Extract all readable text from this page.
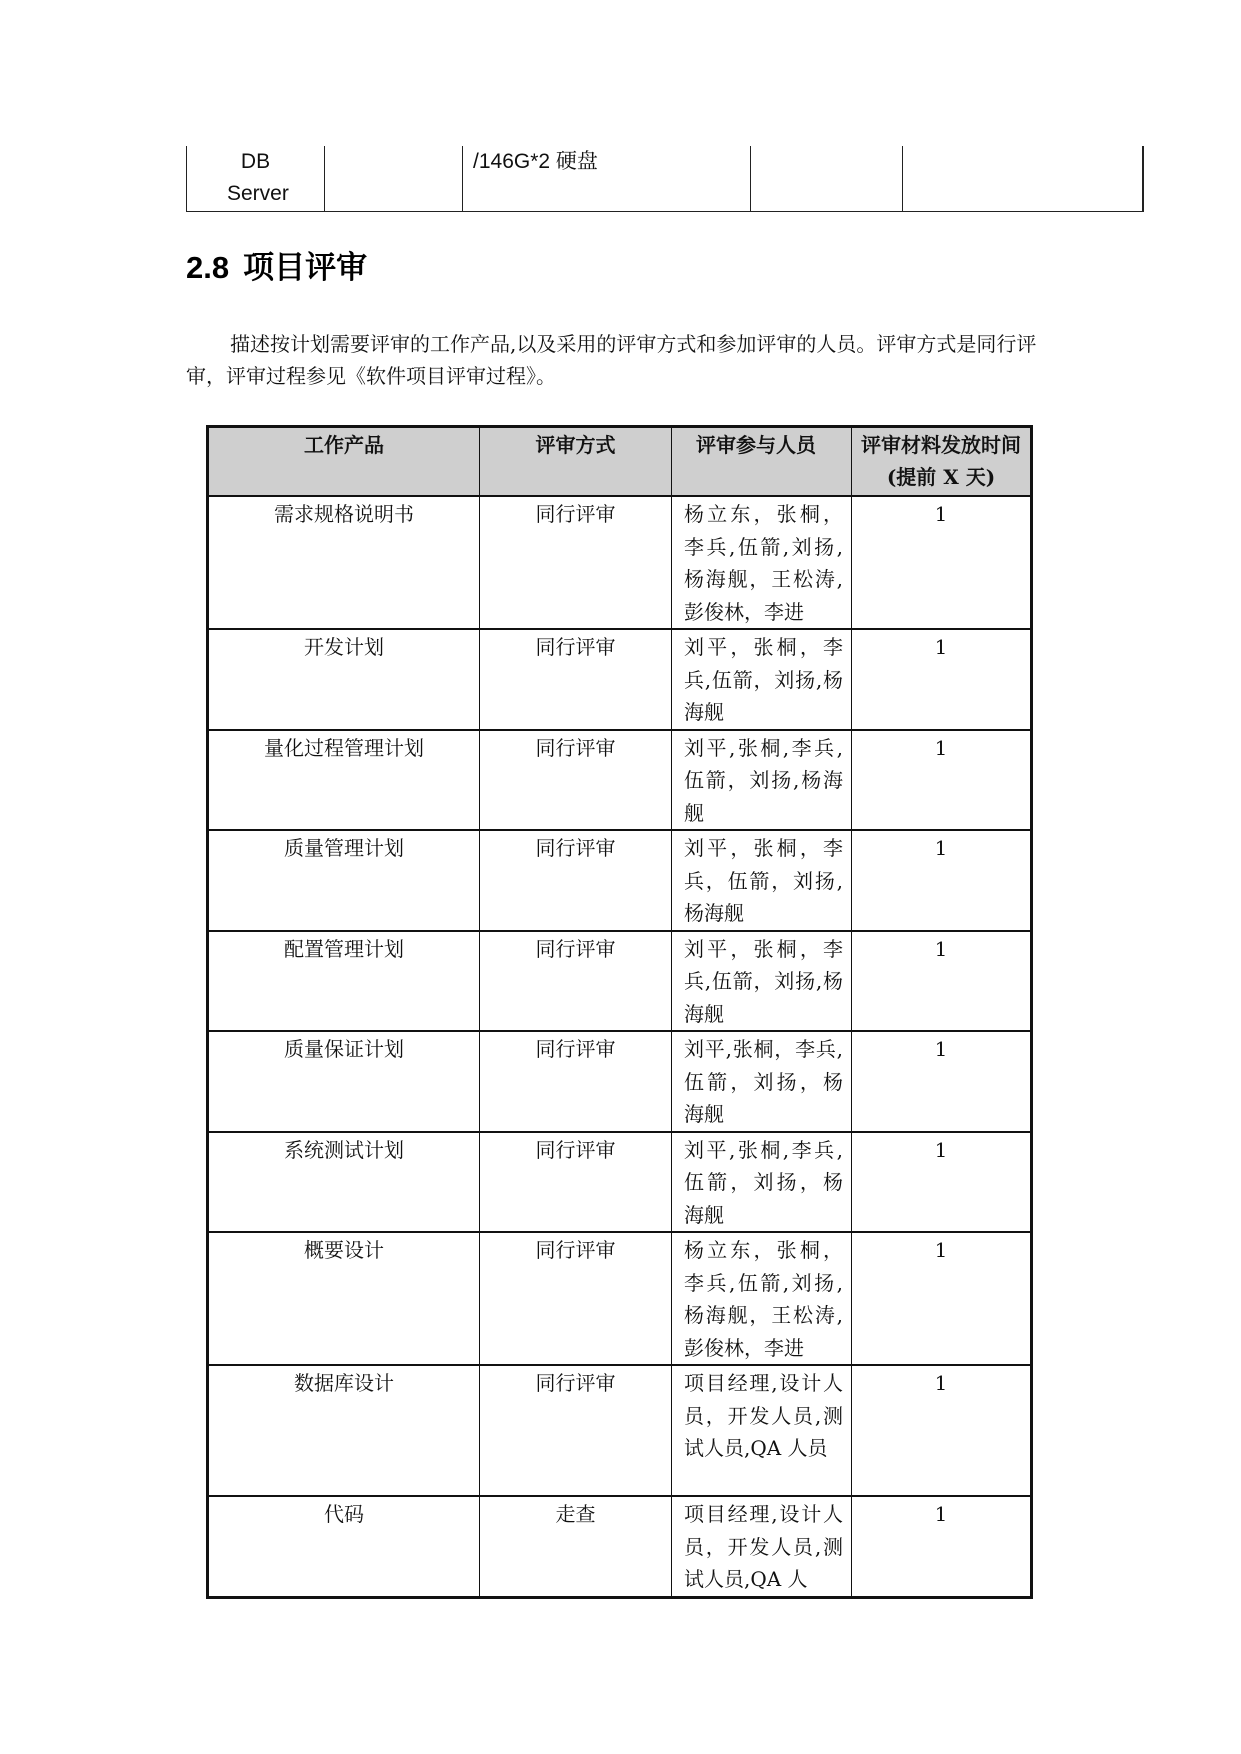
DB Server		/146G*2 硬盘		
2.8 项目评审

描述按计划需要评审的工作产品,以及采用的评审方式和参加评审的人员。评审方式是同行评审，评审过程参见《软件项目评审过程》。

工作产品	评审方式	评审参与人员	评审材料发放时间(提前 X 天)
需求规格说明书	同行评审	杨立东，张桐，李兵,伍箭,刘扬,杨海舰，王松涛,彭俊林，李进	1
开发计划	同行评审	刘平，张桐，李兵,伍箭，刘扬,杨海舰	1
量化过程管理计划	同行评审	刘平,张桐,李兵,伍箭，刘扬,杨海舰	1
质量管理计划	同行评审	刘平，张桐，李兵，伍箭，刘扬,杨海舰	1
配置管理计划	同行评审	刘平，张桐，李兵,伍箭，刘扬,杨海舰	1
质量保证计划	同行评审	刘平,张桐，李兵,伍箭，刘扬，杨海舰	1
系统测试计划	同行评审	刘平,张桐,李兵,伍箭，刘扬，杨海舰	1
概要设计	同行评审	杨立东，张桐，李兵,伍箭,刘扬,杨海舰，王松涛,彭俊林，李进	1
数据库设计	同行评审	项目经理,设计人员，开发人员,测试人员,QA 人员	1
代码	走查	项目经理,设计人员，开发人员,测试人员,QA 人	1
